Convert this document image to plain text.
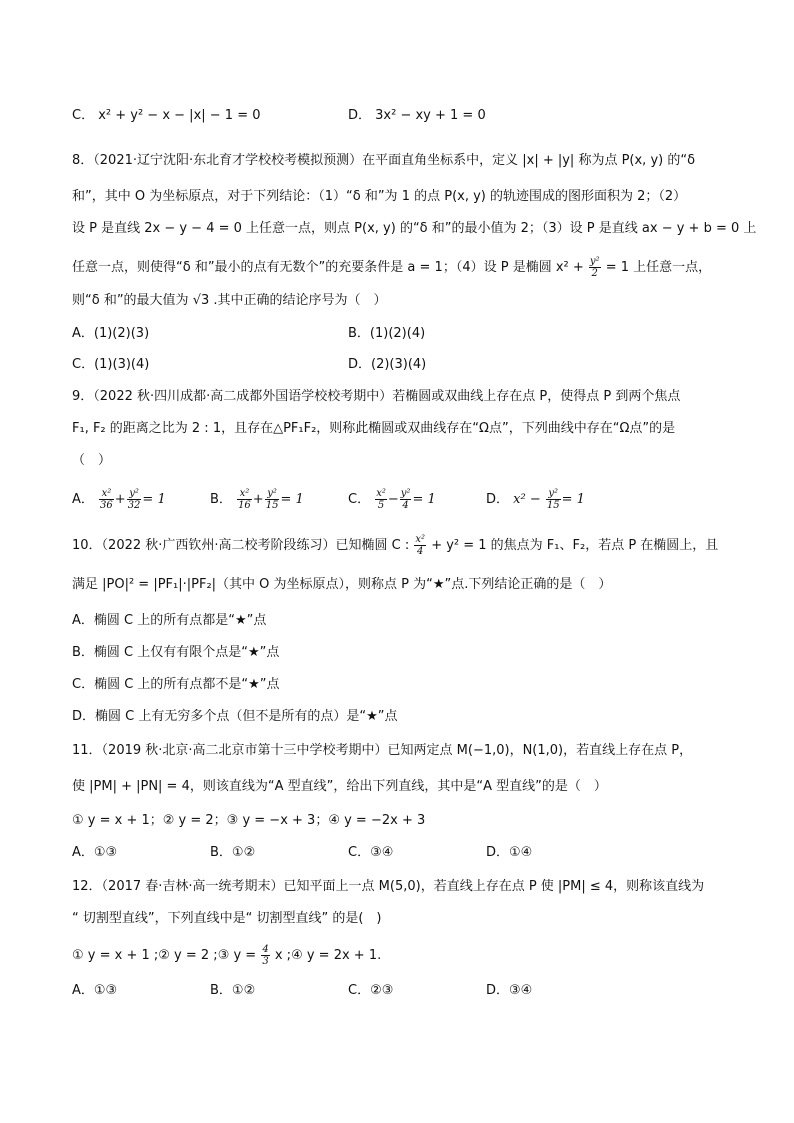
C． x² + y² − x − |x| − 1 = 0	D． 3x² − xy + 1 = 0
8．（2021·辽宁沈阳·东北育才学校校考模拟预测）在平面直角坐标系中，定义 |x| + |y| 称为点 P(x, y) 的“δ
和”，其中 O 为坐标原点，对于下列结论：（1）“δ 和”为 1 的点 P(x, y) 的轨迹围成的图形面积为 2；（2）
设 P 是直线 2x − y − 4 = 0 上任意一点，则点 P(x, y) 的“δ 和”的最小值为 2；（3）设 P 是直线 ax − y + b = 0 上
任意一点，则使得“δ 和”最小的点有无数个”的充要条件是 a = 1；（4）设 P 是椭圆 $x^2 + \frac{\text{y²}}{2} = 1$ 上任意一点，
则“δ 和”的最大值为 √3 .其中正确的结论序号为（　）
A．(1)(2)(3)	B．(1)(2)(4)
C．(1)(3)(4)	D．(2)(3)(4)
9．（2022 秋·四川成都·高二成都外国语学校校考期中）若椭圆或双曲线上存在点 P，使得点 P 到两个焦点
F₁, F₂ 的距离之比为 2 : 1，且存在△PF₁F₂，则称此椭圆或双曲线存在“Ω点”，下列曲线中存在“Ω点”的是
（　）
A． $\frac{\text{x²}}{36} + \frac{\text{y²}}{32} = 1$	B． $\frac{\text{x²}}{16} + \frac{\text{y²}}{15} = 1$	C． $\frac{\text{x²}}{5} - \frac{\text{y²}}{4} = 1$	D． $x^2 - \frac{\text{y²}}{15} = 1$
10．（2022 秋·广西钦州·高二校考阶段练习）已知椭圆 C : $\frac{\text{x²}}{4} + y^2 = 1$ 的焦点为 F₁、F₂，若点 P 在椭圆上，且
满足 |PO|² = |PF₁|·|PF₂|（其中 O 为坐标原点），则称点 P 为“★”点.下列结论正确的是（　）
A．椭圆 C 上的所有点都是“★”点
B．椭圆 C 上仅有有限个点是“★”点
C．椭圆 C 上的所有点都不是“★”点
D．椭圆 C 上有无穷多个点（但不是所有的点）是“★”点
11．（2019 秋·北京·高二北京市第十三中学校考期中）已知两定点 M(−1,0)，N(1,0)，若直线上存在点 P，
使 |PM| + |PN| = 4，则该直线为“A 型直线”，给出下列直线，其中是“A 型直线”的是（　）
① y = x + 1；② y = 2；③ y = −x + 3；④ y = −2x + 3
A．①③	B．①②	C．③④	D．①④
12．（2017 春·吉林·高一统考期末）已知平面上一点 M(5,0)，若直线上存在点 P 使 |PM| ≤ 4，则称该直线为
“ 切割型直线”，下列直线中是“ 切割型直线” 的是(　)
① y = x + 1 ;② y = 2 ;③ $y = \frac{4}{3}$ x ;④ y = 2x + 1.
A．①③	B．①②	C．②③	D．③④
